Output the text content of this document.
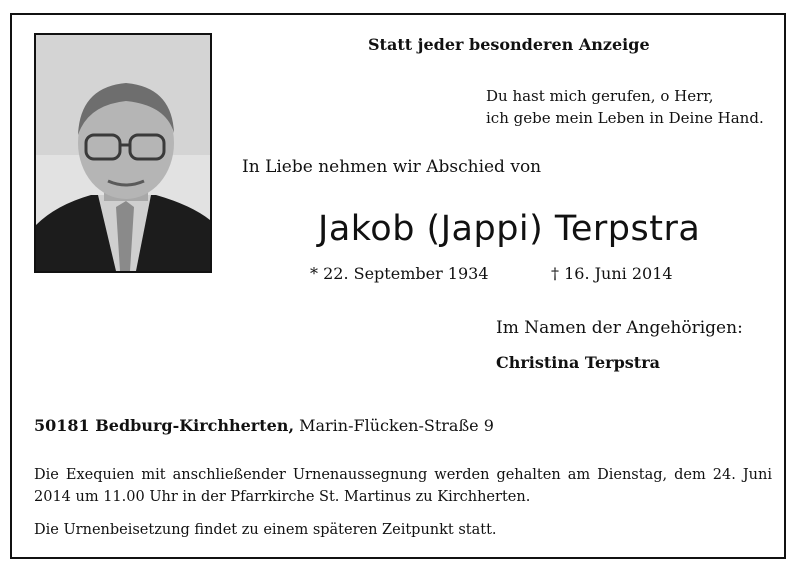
Statt jeder besonderen Anzeige
Du hast mich gerufen, o Herr,
ich gebe mein Leben in Deine Hand.
In Liebe nehmen wir Abschied von
Jakob (Jappi) Terpstra
* 22. September 1934	† 16. Juni 2014
Im Namen der Angehörigen:
Christina Terpstra
50181 Bedburg-Kirchherten, Marin-Flücken-Straße 9
Die Exequien mit anschließender Urnenaussegnung werden gehalten am Dienstag, dem 24. Juni 2014 um 11.00 Uhr in der Pfarrkirche St. Martinus zu Kirchherten.
Die Urnenbeisetzung findet zu einem späteren Zeitpunkt statt.
